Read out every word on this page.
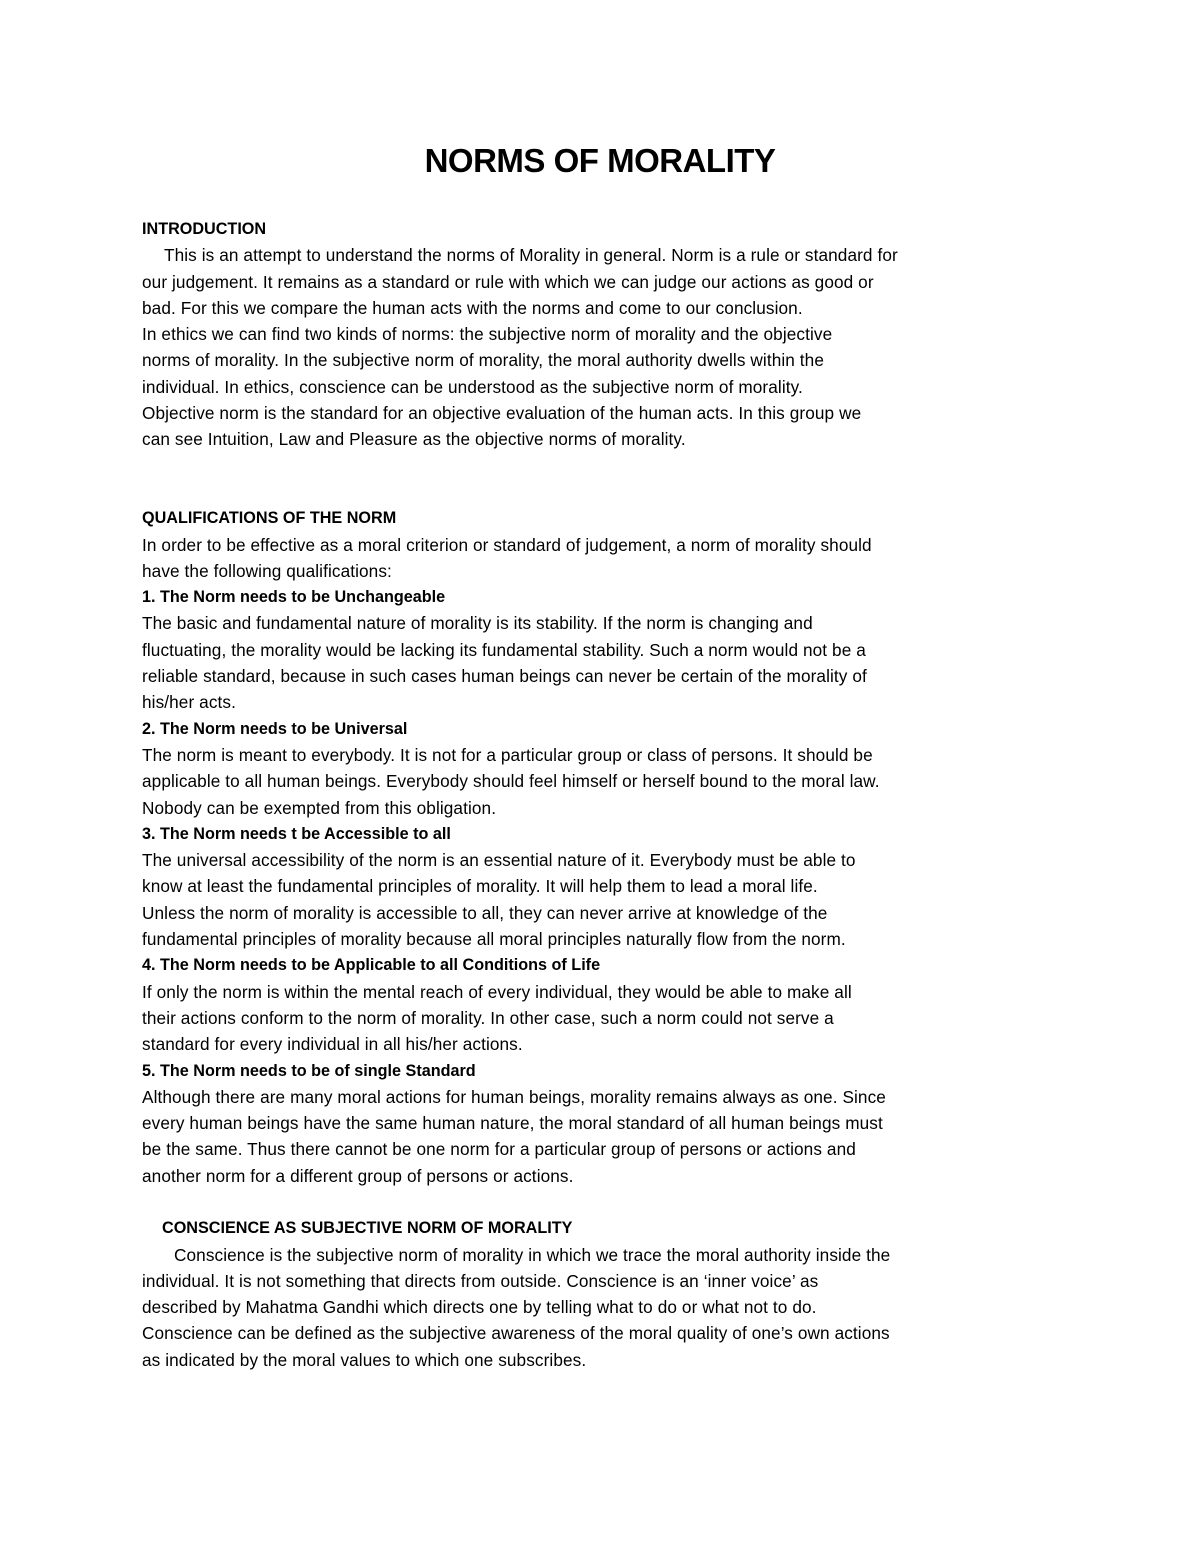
NORMS OF MORALITY
INTRODUCTION
This is an attempt to understand the norms of Morality in general. Norm is a rule or standard for
our judgement. It remains as a standard or rule with which we can judge our actions as good or
bad. For this we compare the human acts with the norms and come to our conclusion.
In ethics we can find two kinds of norms: the subjective norm of morality and the objective
norms of morality. In the subjective norm of morality, the moral authority dwells within the
individual. In ethics, conscience can be understood as the subjective norm of morality.
Objective norm is the standard for an objective evaluation of the human acts. In this group we
can see Intuition, Law and Pleasure as the objective norms of morality.
QUALIFICATIONS OF THE NORM
In order to be effective as a moral criterion or standard of judgement, a norm of morality should
have the following qualifications:
1. The Norm needs to be Unchangeable
The basic and fundamental nature of morality is its stability. If the norm is changing and
fluctuating, the morality would be lacking its fundamental stability. Such a norm would not be a
reliable standard, because in such cases human beings can never be certain of the morality of
his/her acts.
2. The Norm needs to be Universal
The norm is meant to everybody. It is not for a particular group or class of persons. It should be
applicable to all human beings. Everybody should feel himself or herself bound to the moral law.
Nobody can be exempted from this obligation.
3. The Norm needs t be Accessible to all
The universal accessibility of the norm is an essential nature of it. Everybody must be able to
know at least the fundamental principles of morality. It will help them to lead a moral life.
Unless the norm of morality is accessible to all, they can never arrive at knowledge of the
fundamental principles of morality because all moral principles naturally flow from the norm.
4. The Norm needs to be Applicable to all Conditions of Life
If only the norm is within the mental reach of every individual, they would be able to make all
their actions conform to the norm of morality. In other case, such a norm could not serve a
standard for every individual in all his/her actions.
5. The Norm needs to be of single Standard
Although there are many moral actions for human beings, morality remains always as one. Since
every human beings have the same human nature, the moral standard of all human beings must
be the same. Thus there cannot be one norm for a particular group of persons or actions and
another norm for a different group of persons or actions.
CONSCIENCE AS SUBJECTIVE NORM OF MORALITY
Conscience is the subjective norm of morality in which we trace the moral authority inside the
individual. It is not something that directs from outside. Conscience is an ‘inner voice’ as
described by Mahatma Gandhi which directs one by telling what to do or what not to do.
Conscience can be defined as the subjective awareness of the moral quality of one’s own actions
as indicated by the moral values to which one subscribes.
